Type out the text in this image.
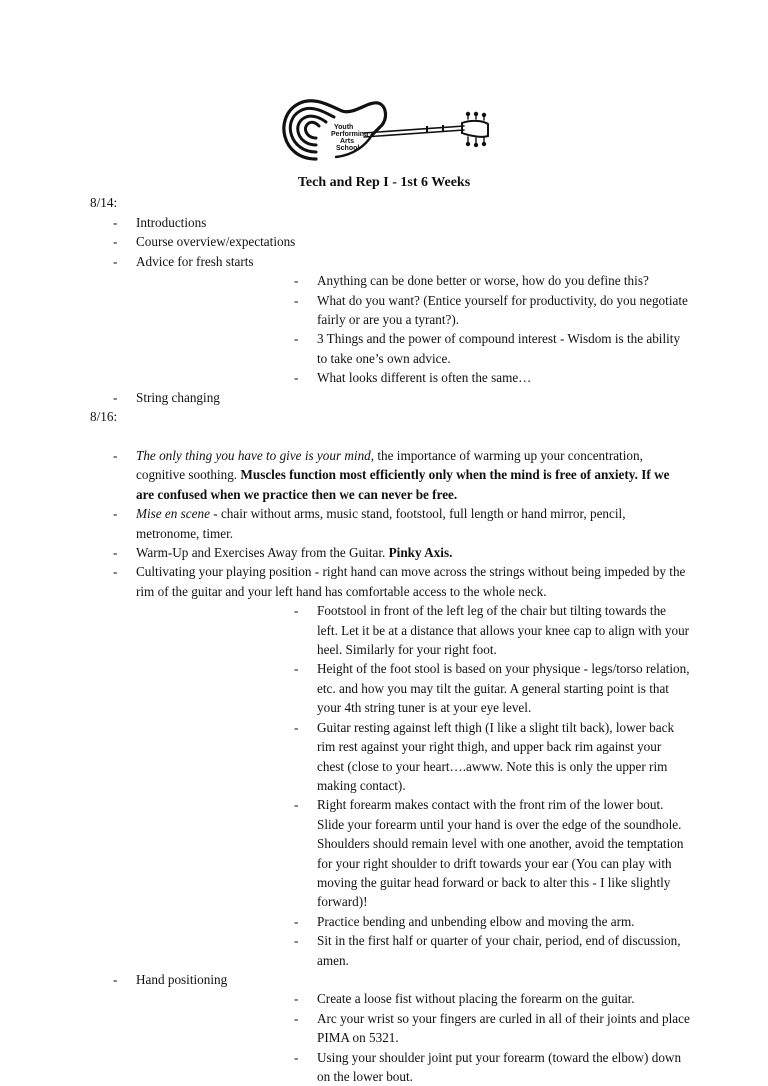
Youth
Performing
Arts
School
Tech and Rep I - 1st 6 Weeks
8/14:
- Introductions
- Course overview/expectations
- Advice for fresh starts
- Anything can be done better or worse, how do you define this?
- What do you want? (Entice yourself for productivity, do you negotiate fairly or are you a tyrant?).
- 3 Things and the power of compound interest - Wisdom is the ability to take one’s own advice.
- What looks different is often the same…
- String changing
8/16:
- The only thing you have to give is your mind, the importance of warming up your concentration, cognitive soothing. Muscles function most efficiently only when the mind is free of anxiety. If we are confused when we practice then we can never be free.
- Mise en scene - chair without arms, music stand, footstool, full length or hand mirror, pencil, metronome, timer.
- Warm-Up and Exercises Away from the Guitar. Pinky Axis.
- Cultivating your playing position - right hand can move across the strings without being impeded by the rim of the guitar and your left hand has comfortable access to the whole neck.
- Footstool in front of the left leg of the chair but tilting towards the left. Let it be at a distance that allows your knee cap to align with your heel. Similarly for your right foot.
- Height of the foot stool is based on your physique - legs/torso relation, etc. and how you may tilt the guitar. A general starting point is that your 4th string tuner is at your eye level.
- Guitar resting against left thigh (I like a slight tilt back), lower back rim rest against your right thigh, and upper back rim against your chest (close to your heart….awww. Note this is only the upper rim making contact).
- Right forearm makes contact with the front rim of the lower bout. Slide your forearm until your hand is over the edge of the soundhole. Shoulders should remain level with one another, avoid the temptation for your right shoulder to drift towards your ear (You can play with moving the guitar head forward or back to alter this - I like slightly forward)!
- Practice bending and unbending elbow and moving the arm.
- Sit in the first half or quarter of your chair, period, end of discussion, amen.
- Hand positioning
- Create a loose fist without placing the forearm on the guitar.
- Arc your wrist so your fingers are curled in all of their joints and place PIMA on 5321.
- Using your shoulder joint put your forearm (toward the elbow) down on the lower bout.
